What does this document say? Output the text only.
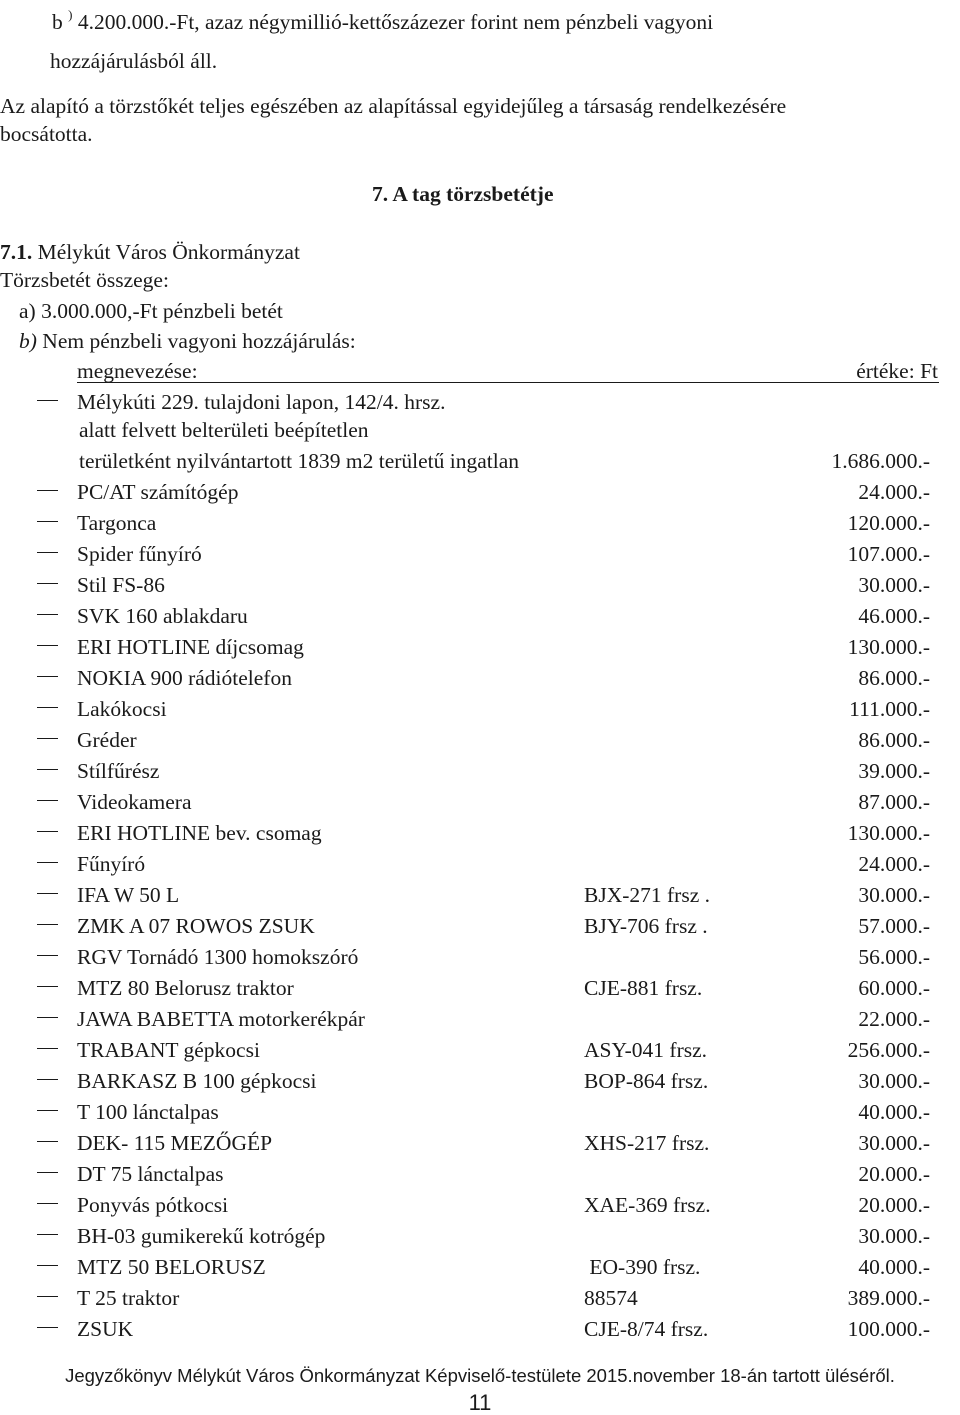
b ) 4.200.000.-Ft, azaz négymillió-kettőszázezer forint nem pénzbeli vagyoni
hozzájárulásból áll.
Az alapító a törzstőkét teljes egészében az alapítással egyidejűleg a társaság rendelkezésére
bocsátotta.
7. A tag törzsbetétje
7.1. Mélykút Város Önkormányzat
Törzsbetét összege:
a) 3.000.000,-Ft pénzbeli betét
b) Nem pénzbeli vagyoni hozzájárulás:
megnevezése:	értéke: Ft
Mélykúti 229. tulajdoni lapon, 142/4. hrsz.
alatt felvett belterületi beépítetlen
területként nyilvántartott 1839 m2 területű ingatlan	1.686.000.-
PC/AT számítógép	24.000.-
Targonca	120.000.-
Spider fűnyíró	107.000.-
Stil FS-86	30.000.-
SVK 160 ablakdaru	46.000.-
ERI HOTLINE díjcsomag	130.000.-
NOKIA 900 rádiótelefon	86.000.-
Lakókocsi	111.000.-
Gréder	86.000.-
Stílfűrész	39.000.-
Videokamera	87.000.-
ERI HOTLINE bev. csomag	130.000.-
Fűnyíró	24.000.-
IFA W 50 L	BJX-271 frsz .	30.000.-
ZMK A 07 ROWOS ZSUK	BJY-706 frsz .	57.000.-
RGV Tornádó 1300 homokszóró	56.000.-
MTZ 80 Belorusz traktor	CJE-881 frsz.	60.000.-
JAWA BABETTA motorkerékpár	22.000.-
TRABANT gépkocsi	ASY-041 frsz.	256.000.-
BARKASZ B 100 gépkocsi	BOP-864 frsz.	30.000.-
T 100 lánctalpas	40.000.-
DEK- 115 MEZŐGÉP	XHS-217 frsz.	30.000.-
DT 75 lánctalpas	20.000.-
Ponyvás pótkocsi	XAE-369 frsz.	20.000.-
BH-03 gumikerekű kotrógép	30.000.-
MTZ 50 BELORUSZ	EO-390 frsz.	40.000.-
T 25 traktor	88574	389.000.-
ZSUK	CJE-8/74 frsz.	100.000.-
Jegyzőkönyv Mélykút Város Önkormányzat Képviselő-testülete 2015.november 18-án tartott üléséről.
11
